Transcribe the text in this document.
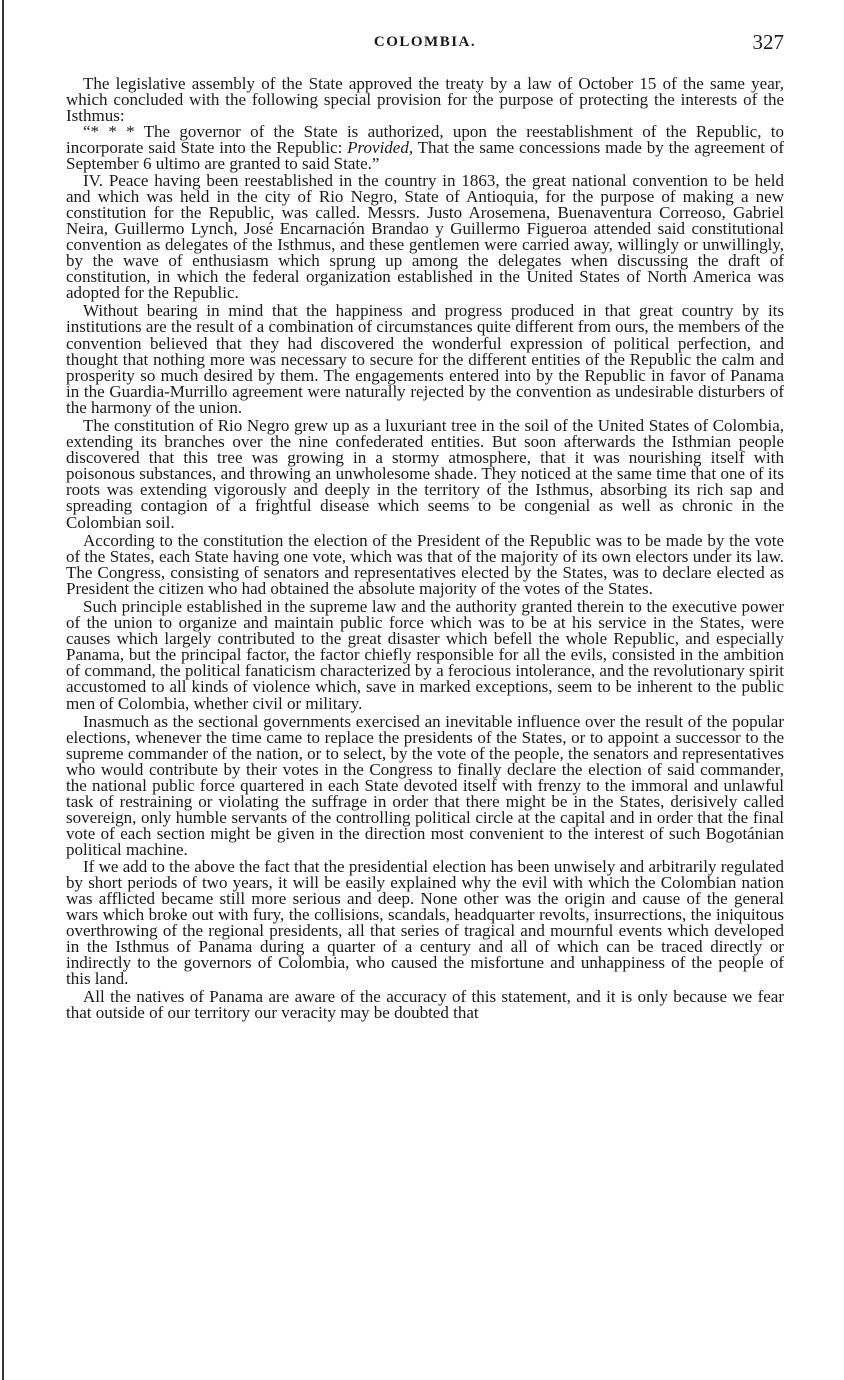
COLOMBIA.	327

The legislative assembly of the State approved the treaty by a law of October 15 of the same year, which concluded with the following special provision for the purpose of protecting the interests of the Isthmus:

“* * * The governor of the State is authorized, upon the reestablishment of the Republic, to incorporate said State into the Republic: Provided, That the same concessions made by the agreement of September 6 ultimo are granted to said State.”

IV. Peace having been reestablished in the country in 1863, the great national convention to be held and which was held in the city of Rio Negro, State of Antioquia, for the purpose of making a new constitution for the Republic, was called. Messrs. Justo Arosemena, Buenaventura Correoso, Gabriel Neira, Guillermo Lynch, José Encarnación Brandao y Guillermo Figueroa attended said constitutional convention as delegates of the Isthmus, and these gentlemen were carried away, willingly or unwillingly, by the wave of enthusiasm which sprung up among the delegates when discussing the draft of constitution, in which the federal organization established in the United States of North America was adopted for the Republic.

Without bearing in mind that the happiness and progress produced in that great country by its institutions are the result of a combination of circumstances quite different from ours, the members of the convention believed that they had discovered the wonderful expression of political perfection, and thought that nothing more was necessary to secure for the different entities of the Republic the calm and prosperity so much desired by them. The engagements entered into by the Republic in favor of Panama in the Guardia-Murrillo agreement were naturally rejected by the convention as undesirable disturbers of the harmony of the union.

The constitution of Rio Negro grew up as a luxuriant tree in the soil of the United States of Colombia, extending its branches over the nine confederated entities. But soon afterwards the Isthmian people discovered that this tree was growing in a stormy atmosphere, that it was nourishing itself with poisonous substances, and throwing an unwholesome shade. They noticed at the same time that one of its roots was extending vigorously and deeply in the territory of the Isthmus, absorbing its rich sap and spreading contagion of a frightful disease which seems to be congenial as well as chronic in the Colombian soil.

According to the constitution the election of the President of the Republic was to be made by the vote of the States, each State having one vote, which was that of the majority of its own electors under its law. The Congress, consisting of senators and representatives elected by the States, was to declare elected as President the citizen who had obtained the absolute majority of the votes of the States.

Such principle established in the supreme law and the authority granted therein to the executive power of the union to organize and maintain public force which was to be at his service in the States, were causes which largely contributed to the great disaster which befell the whole Republic, and especially Panama, but the principal factor, the factor chiefly responsible for all the evils, consisted in the ambition of command, the political fanaticism characterized by a ferocious intolerance, and the revolutionary spirit accustomed to all kinds of violence which, save in marked exceptions, seem to be inherent to the public men of Colombia, whether civil or military.

Inasmuch as the sectional governments exercised an inevitable influence over the result of the popular elections, whenever the time came to replace the presidents of the States, or to appoint a successor to the supreme commander of the nation, or to select, by the vote of the people, the senators and representatives who would contribute by their votes in the Congress to finally declare the election of said commander, the national public force quartered in each State devoted itself with frenzy to the immoral and unlawful task of restraining or violating the suffrage in order that there might be in the States, derisively called sovereign, only humble servants of the controlling political circle at the capital and in order that the final vote of each section might be given in the direction most convenient to the interest of such Bogotánian political machine.

If we add to the above the fact that the presidential election has been unwisely and arbitrarily regulated by short periods of two years, it will be easily explained why the evil with which the Colombian nation was afflicted became still more serious and deep. None other was the origin and cause of the general wars which broke out with fury, the collisions, scandals, headquarter revolts, insurrections, the iniquitous overthrowing of the regional presidents, all that series of tragical and mournful events which developed in the Isthmus of Panama during a quarter of a century and all of which can be traced directly or indirectly to the governors of Colombia, who caused the misfortune and unhappiness of the people of this land.

All the natives of Panama are aware of the accuracy of this statement, and it is only because we fear that outside of our territory our veracity may be doubted that
